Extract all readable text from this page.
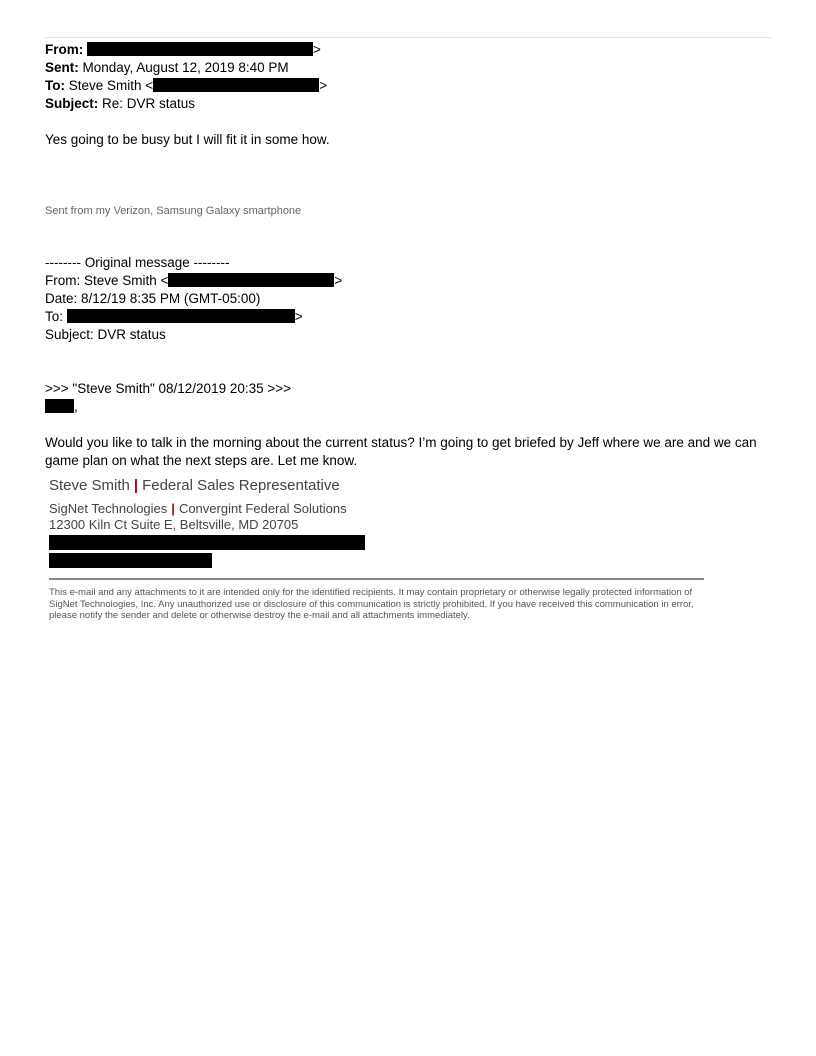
From:	>
Sent: Monday, August 12, 2019 8:40 PM
To: Steve Smith <	>
Subject: Re: DVR status
Yes going to be busy but I will fit it in some how.
Sent from my Verizon, Samsung Galaxy smartphone
-------- Original message --------
From: Steve Smith <	>
Date: 8/12/19 8:35 PM (GMT-05:00)
To:	>
Subject: DVR status
>>> "Steve Smith" 08/12/2019 20:35 >>>
,
Would you like to talk in the morning about the current status? I’m going to get briefed by Jeff where we are and we can
game plan on what the next steps are. Let me know.
Steve Smith | Federal Sales Representative
SigNet Technologies | Convergint Federal Solutions
12300 Kiln Ct Suite E, Beltsville, MD 20705
This e-mail and any attachments to it are intended only for the identified recipients. It may contain proprietary or otherwise legally protected information of SigNet Technologies, Inc. Any unauthorized use or disclosure of this communication is strictly prohibited. If you have received this communication in error, please notify the sender and delete or otherwise destroy the e-mail and all attachments immediately.
